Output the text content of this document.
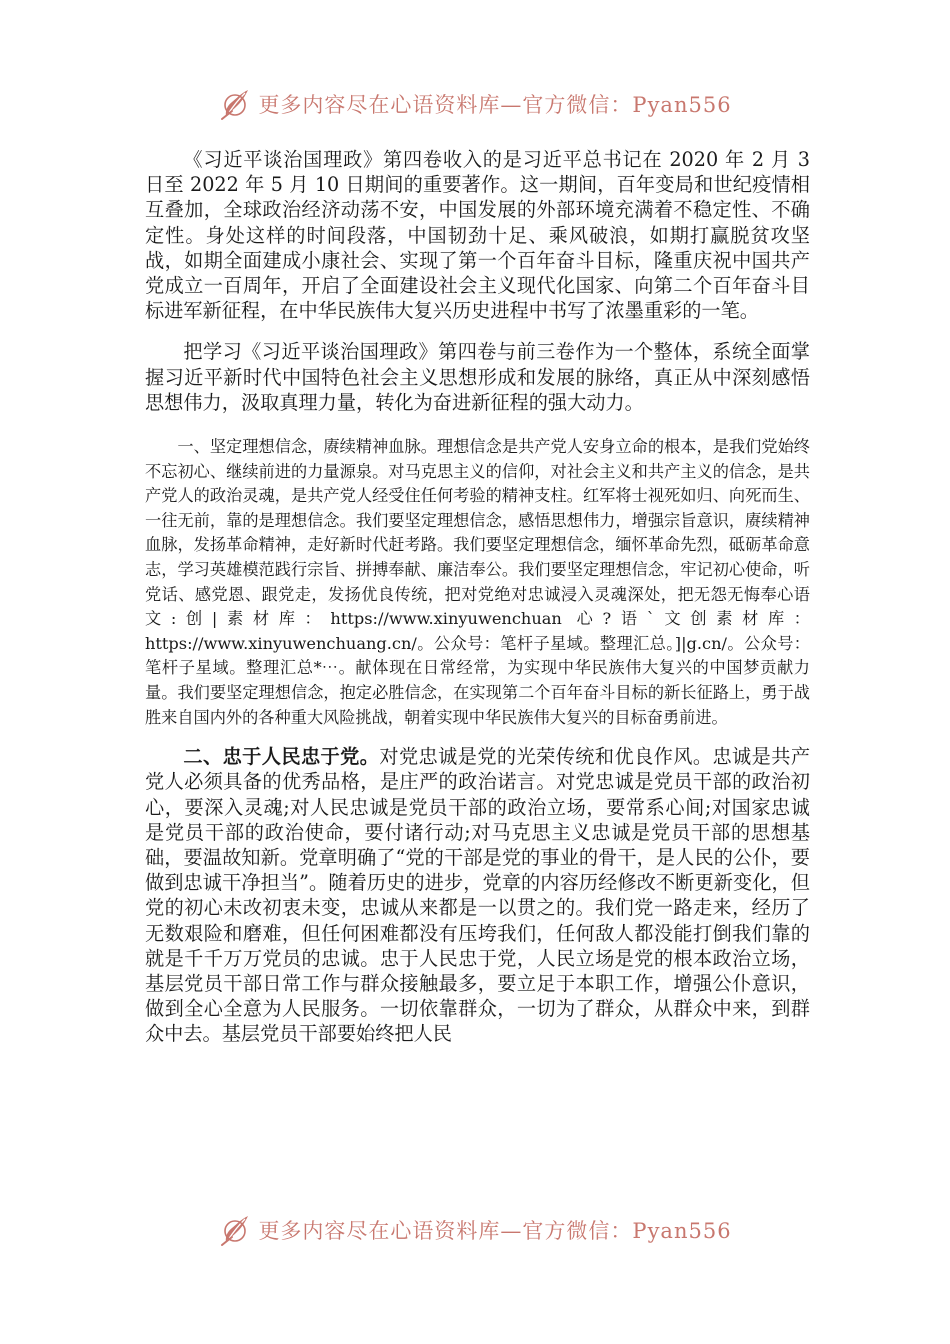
更多内容尽在心语资料库—官方微信：Pyan556

《习近平谈治国理政》第四卷收入的是习近平总书记在 2020 年 2 月 3 日至 2022 年 5 月 10 日期间的重要著作。这一期间，百年变局和世纪疫情相互叠加，全球政治经济动荡不安，中国发展的外部环境充满着不稳定性、不确定性。身处这样的时间段落，中国韧劲十足、乘风破浪，如期打赢脱贫攻坚战，如期全面建成小康社会、实现了第一个百年奋斗目标，隆重庆祝中国共产党成立一百周年，开启了全面建设社会主义现代化国家、向第二个百年奋斗目标进军新征程，在中华民族伟大复兴历史进程中书写了浓墨重彩的一笔。

把学习《习近平谈治国理政》第四卷与前三卷作为一个整体，系统全面掌握习近平新时代中国特色社会主义思想形成和发展的脉络，真正从中深刻感悟思想伟力，汲取真理力量，转化为奋进新征程的强大动力。

一、坚定理想信念，赓续精神血脉。理想信念是共产党人安身立命的根本，是我们党始终不忘初心、继续前进的力量源泉。对马克思主义的信仰，对社会主义和共产主义的信念，是共产党人的政治灵魂，是共产党人经受住任何考验的精神支柱。红军将士视死如归、向死而生、一往无前，靠的是理想信念。我们要坚定理想信念，感悟思想伟力，增强宗旨意识，赓续精神血脉，发扬革命精神，走好新时代赶考路。我们要坚定理想信念，缅怀革命先烈，砥砺革命意志，学习英雄模范践行宗旨、拼搏奉献、廉洁奉公。我们要坚定理想信念，牢记初心使命，听党话、感党恩、跟党走，发扬优良传统，把对党绝对忠诚浸入灵魂深处，把无怨无悔奉心语文:创|素材库：https://www.xinyuwenchuan 心?语`文创素材库：https://www.xinyuwenchuang.cn/。公众号：笔杆子星域。整理汇总。]|g.cn/。公众号：笔杆子星域。整理汇总*⋯。献体现在日常经常，为实现中华民族伟大复兴的中国梦贡献力量。我们要坚定理想信念，抱定必胜信念，在实现第二个百年奋斗目标的新长征路上，勇于战胜来自国内外的各种重大风险挑战，朝着实现中华民族伟大复兴的目标奋勇前进。

二、忠于人民忠于党。对党忠诚是党的光荣传统和优良作风。忠诚是共产党人必须具备的优秀品格，是庄严的政治诺言。对党忠诚是党员干部的政治初心，要深入灵魂;对人民忠诚是党员干部的政治立场，要常系心间;对国家忠诚是党员干部的政治使命，要付诸行动;对马克思主义忠诚是党员干部的思想基础，要温故知新。党章明确了“党的干部是党的事业的骨干，是人民的公仆，要做到忠诚干净担当”。随着历史的进步，党章的内容历经修改不断更新变化，但党的初心未改初衷未变，忠诚从来都是一以贯之的。我们党一路走来，经历了无数艰险和磨难，但任何困难都没有压垮我们，任何敌人都没能打倒我们靠的就是千千万万党员的忠诚。忠于人民忠于党，人民立场是党的根本政治立场，基层党员干部日常工作与群众接触最多，要立足于本职工作，增强公仆意识，做到全心全意为人民服务。一切依靠群众，一切为了群众，从群众中来，到群众中去。基层党员干部要始终把人民

更多内容尽在心语资料库—官方微信：Pyan556
